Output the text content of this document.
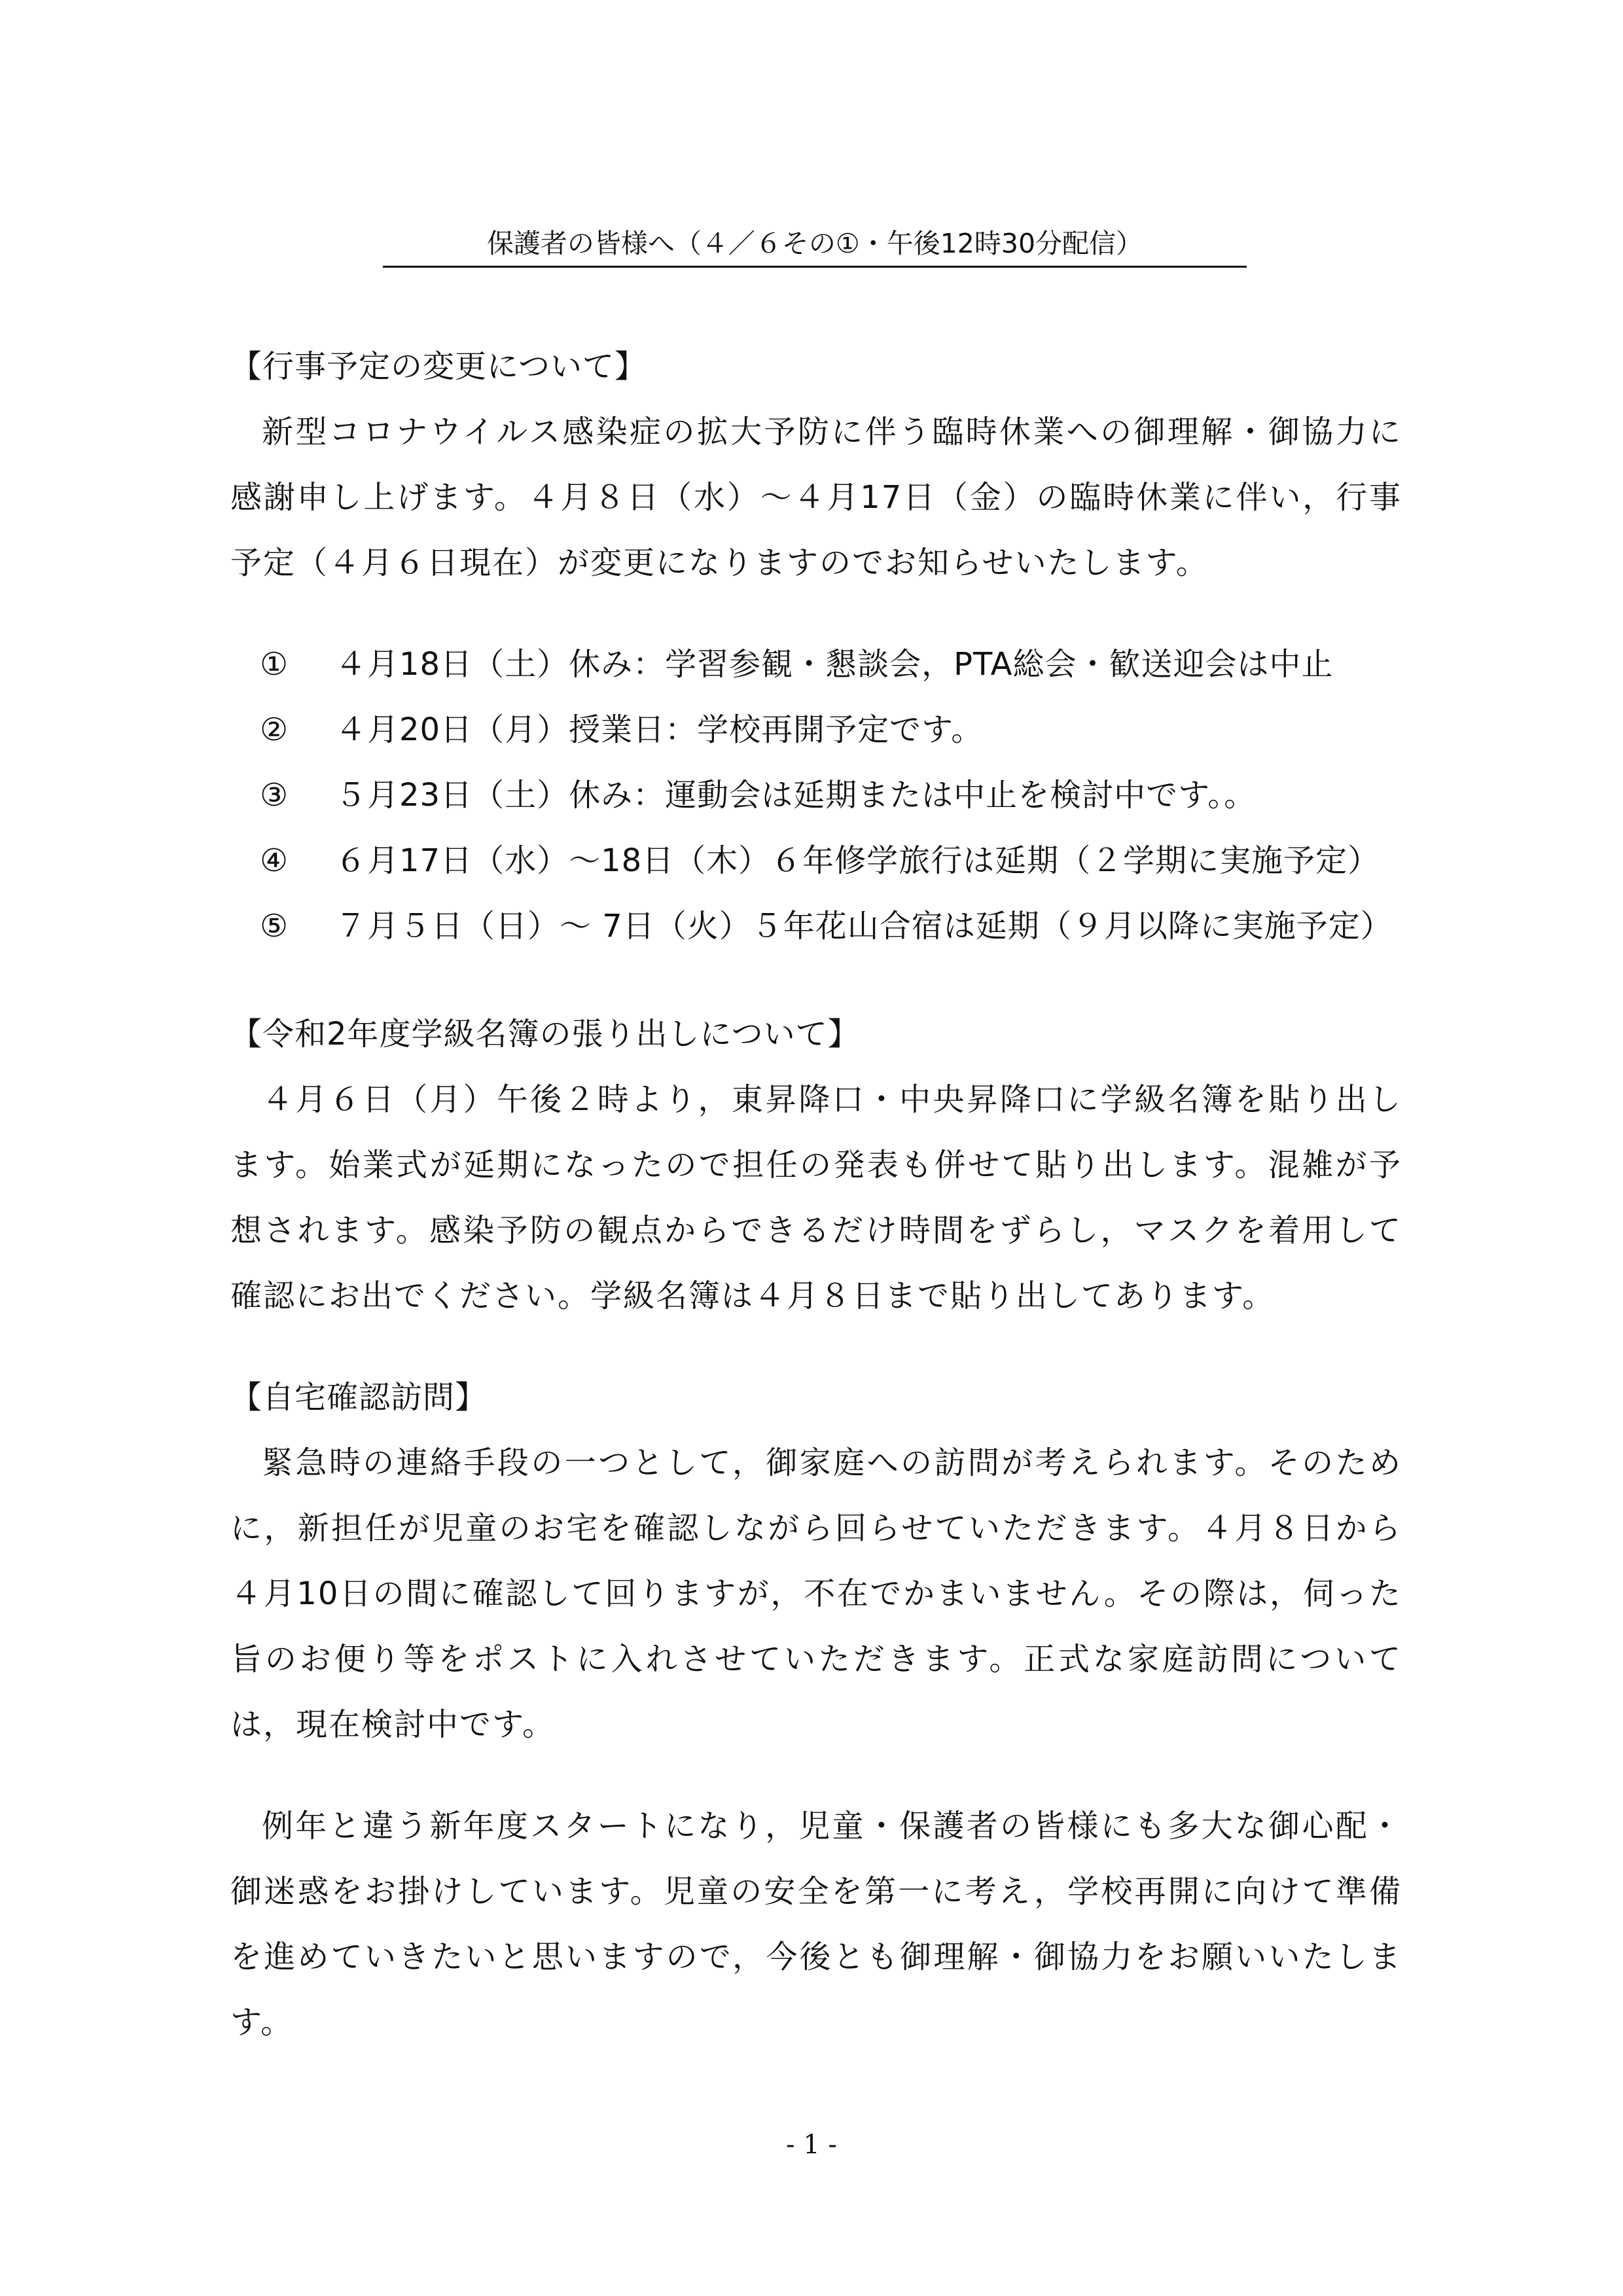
保護者の皆様へ（４／６その①・午後12時30分配信）
【行事予定の変更について】
新型コロナウイルス感染症の拡大予防に伴う臨時休業への御理解・御協力に感謝申し上げます。４月８日（水）～４月17日（金）の臨時休業に伴い，行事予定（４月６日現在）が変更になりますのでお知らせいたします。
①	４月18日（土）休み：学習参観・懇談会，PTA総会・歓送迎会は中止
②	４月20日（月）授業日：学校再開予定です。
③	５月23日（土）休み：運動会は延期または中止を検討中です。。
④	６月17日（水）～18日（木）６年修学旅行は延期（２学期に実施予定）
⑤	７月５日（日）～ 7日（火）５年花山合宿は延期（９月以降に実施予定）
【令和2年度学級名簿の張り出しについて】
４月６日（月）午後２時より，東昇降口・中央昇降口に学級名簿を貼り出します。始業式が延期になったので担任の発表も併せて貼り出します。混雑が予想されます。感染予防の観点からできるだけ時間をずらし，マスクを着用して確認にお出でください。学級名簿は４月８日まで貼り出してあります。
【自宅確認訪問】
緊急時の連絡手段の一つとして，御家庭への訪問が考えられます。そのために，新担任が児童のお宅を確認しながら回らせていただきます。４月８日から４月10日の間に確認して回りますが，不在でかまいません。その際は，伺った旨のお便り等をポストに入れさせていただきます。正式な家庭訪問については，現在検討中です。
例年と違う新年度スタートになり，児童・保護者の皆様にも多大な御心配・御迷惑をお掛けしています。児童の安全を第一に考え，学校再開に向けて準備を進めていきたいと思いますので，今後とも御理解・御協力をお願いいたします。
- 1 -
